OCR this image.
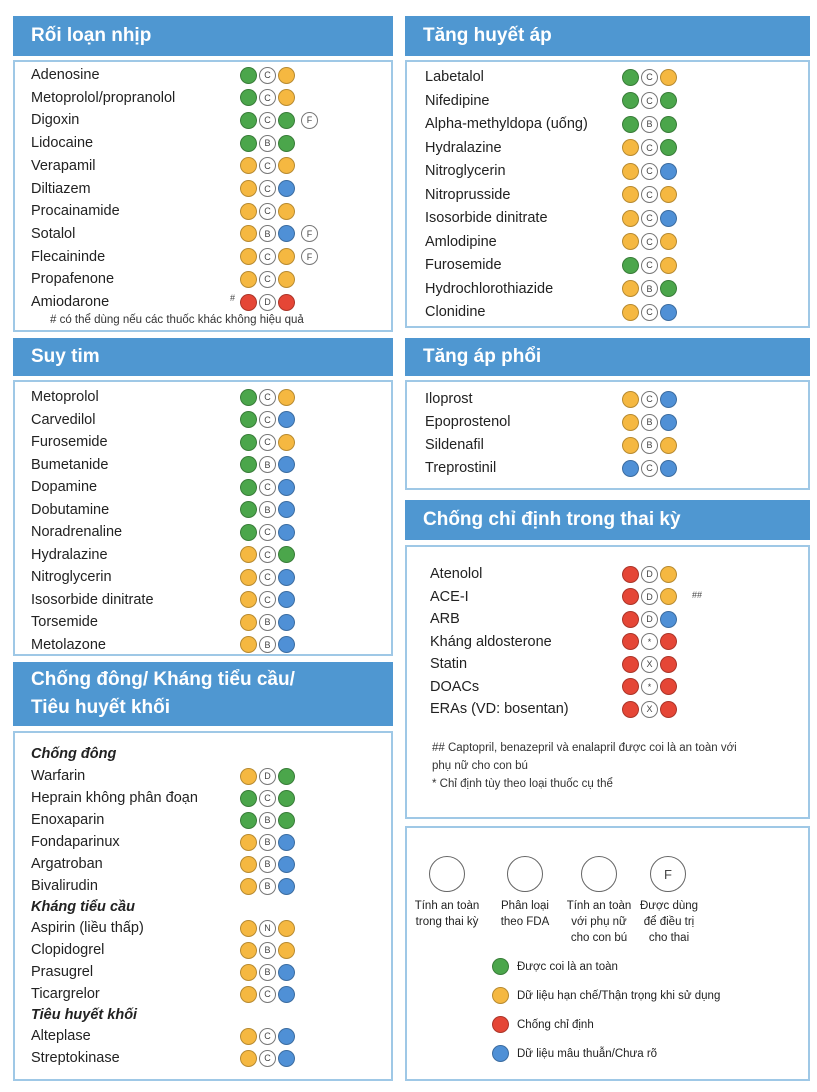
Rối loạn nhịp
Adenosine	C
Metoprolol/propranolol	C
Digoxin	C	F
Lidocaine	B
Verapamil	C
Diltiazem	C
Procainamide	C
Sotalol	B	F
Flecaininde	C	F
Propafenone	C
Amiodarone	D
#
# có thể dùng nếu các thuốc khác không hiệu quả
Tăng huyết áp
Labetalol	C
Nifedipine	C
Alpha-methyldopa (uống)	B
Hydralazine	C
Nitroglycerin	C
Nitroprusside	C
Isosorbide dinitrate	C
Amlodipine	C
Furosemide	C
Hydrochlorothiazide	B
Clonidine	C
Suy tim
Metoprolol	C
Carvedilol	C
Furosemide	C
Bumetanide	B
Dopamine	C
Dobutamine	B
Noradrenaline	C
Hydralazine	C
Nitroglycerin	C
Isosorbide dinitrate	C
Torsemide	B
Metolazone	B
Tăng áp phổi
Iloprost	C
Epoprostenol	B
Sildenafil	B
Treprostinil	C
Chống chỉ định trong thai kỳ
Atenolol	D
ACE-I	D
ARB	D
Kháng aldosterone	*
Statin	X
DOACs	*
ERAs (VD: bosentan)	X
##
## Captopril, benazepril và enalapril được coi là an toàn với
phụ nữ cho con bú
* Chỉ định tùy theo loại thuốc cụ thể
Chống đông/ Kháng tiểu cầu/
Tiêu huyết khối
Chống đông
Warfarin	D
Heprain không phân đoạn	C
Enoxaparin	B
Fondaparinux	B
Argatroban	B
Bivalirudin	B
Kháng tiểu cầu
Aspirin (liều thấp)	N
Clopidogrel	B
Prasugrel	B
Ticargrelor	C
Tiêu huyết khối
Alteplase	C
Streptokinase	C
F
Tính an toàn
trong thai kỳ
Phân loại
theo FDA
Tính an toàn
với phụ nữ
cho con bú
Được dùng
để điều trị
cho thai
Được coi là an toàn
Dữ liệu hạn chế/Thận trọng khi sử dụng
Chống chỉ định
Dữ liệu mâu thuẫn/Chưa rõ
